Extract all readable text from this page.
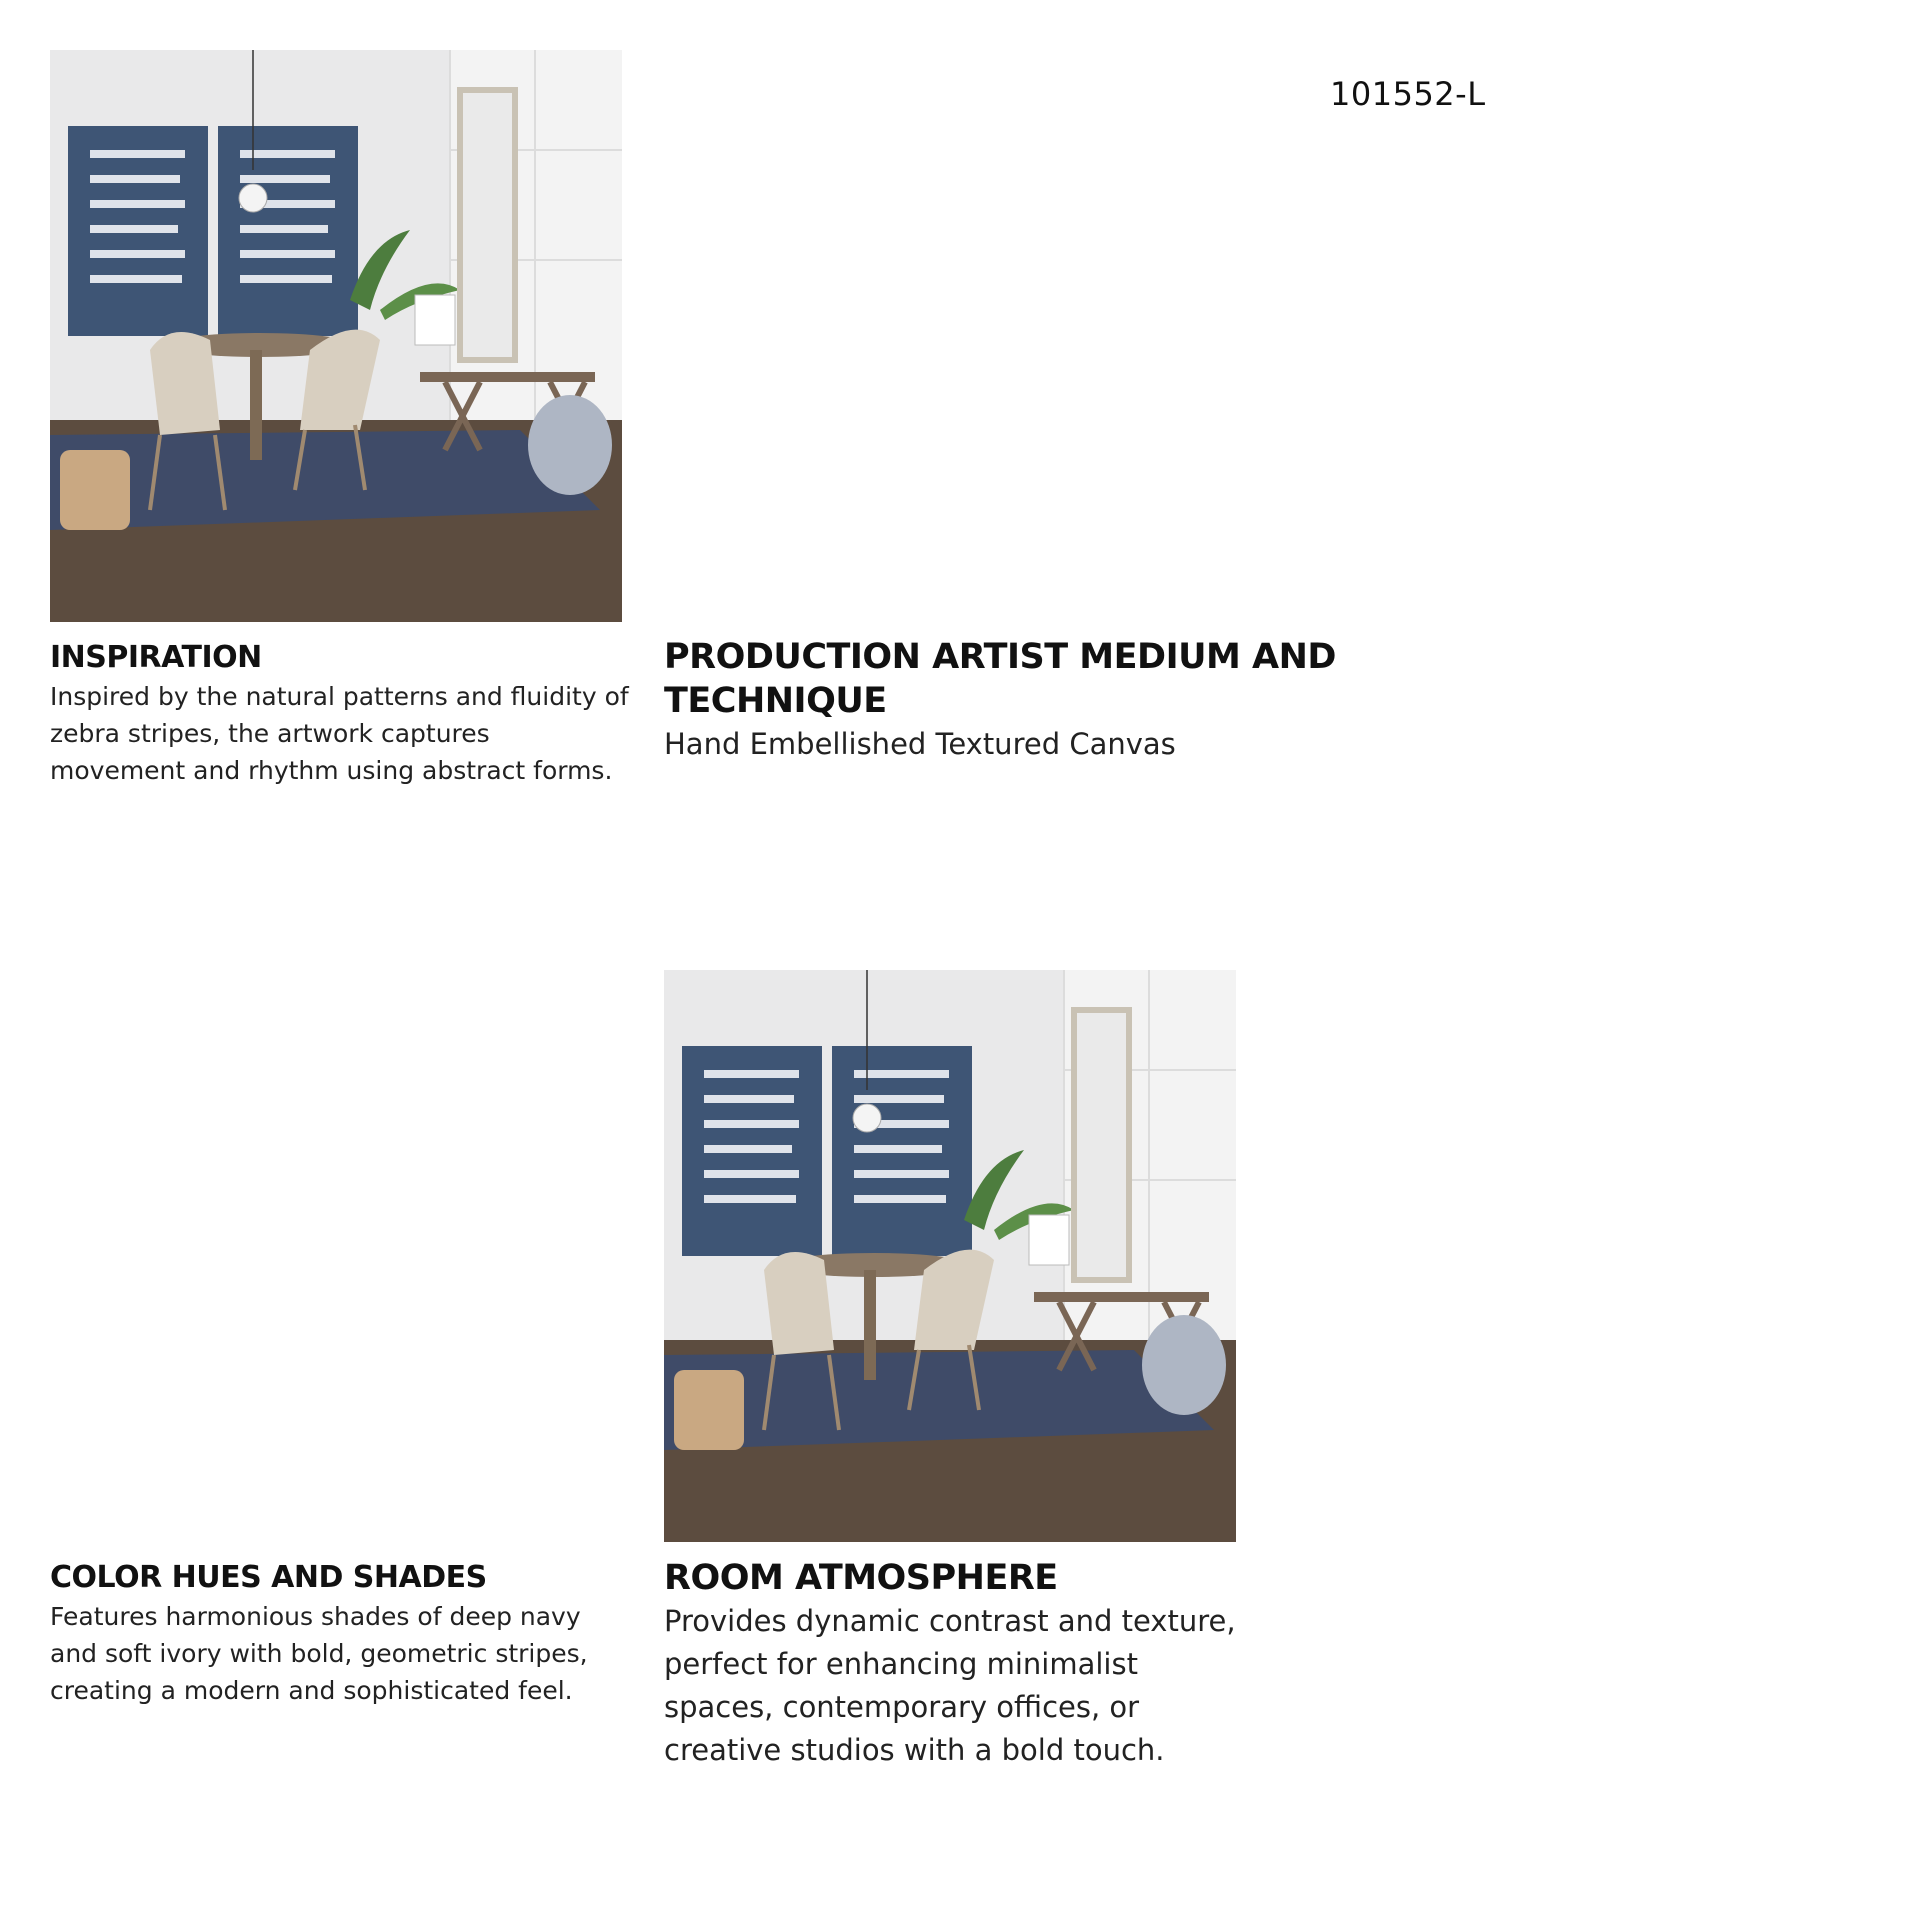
101552-L
INSPIRATION

Inspired by the natural patterns and fluidity of zebra stripes, the artwork captures movement and rhythm using abstract forms.

PRODUCTION ARTIST MEDIUM AND TECHNIQUE

Hand Embellished Textured Canvas

COLOR HUES AND SHADES

Features harmonious shades of deep navy and soft ivory with bold, geometric stripes, creating a modern and sophisticated feel.

ROOM ATMOSPHERE

Provides dynamic contrast and texture, perfect for enhancing minimalist spaces, contemporary offices, or creative studios with a bold touch.
